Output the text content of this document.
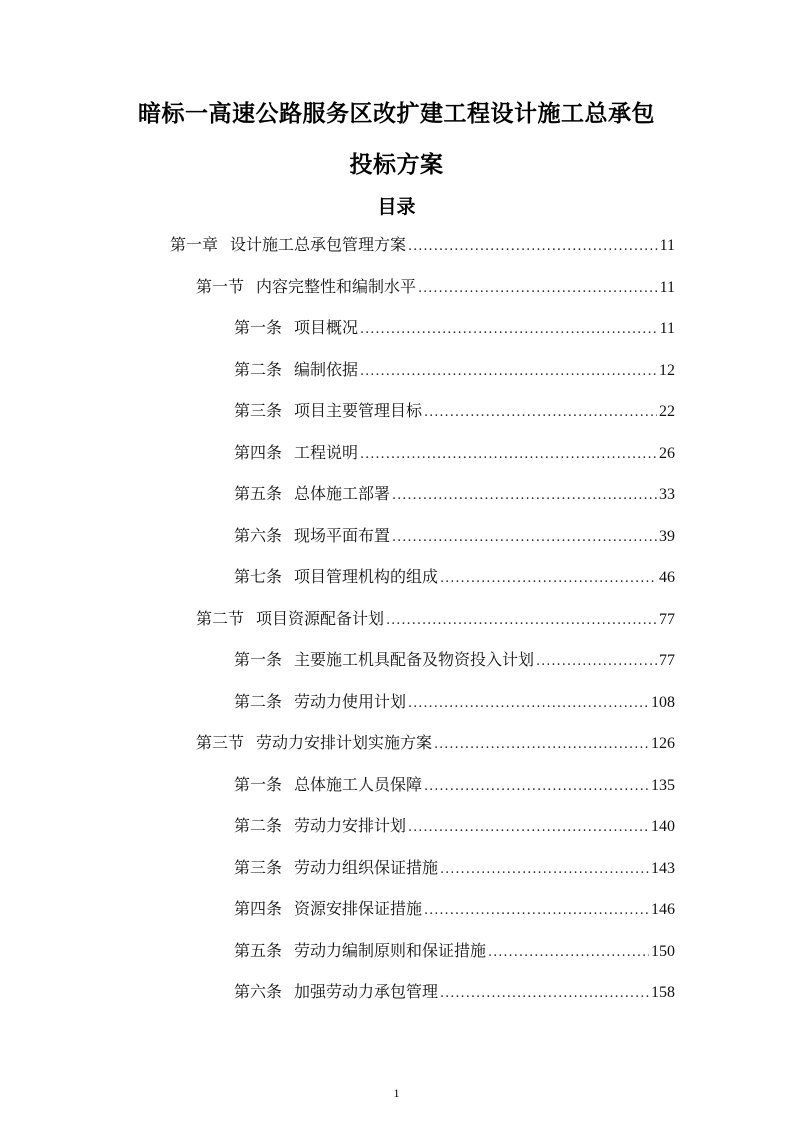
暗标一高速公路服务区改扩建工程设计施工总承包
投标方案
目录
第一章 设计施工总承包管理方案 .....	11
第一节 内容完整性和编制水平 .....	11
第一条 项目概况 .....	11
第二条 编制依据 .....	12
第三条 项目主要管理目标 .....	22
第四条 工程说明 .....	26
第五条 总体施工部署 .....	33
第六条 现场平面布置 .....	39
第七条 项目管理机构的组成 .....	46
第二节 项目资源配备计划 .....	77
第一条 主要施工机具配备及物资投入计划 .....	77
第二条 劳动力使用计划 .....	108
第三节 劳动力安排计划实施方案 .....	126
第一条 总体施工人员保障 .....	135
第二条 劳动力安排计划 .....	140
第三条 劳动力组织保证措施 .....	143
第四条 资源安排保证措施 .....	146
第五条 劳动力编制原则和保证措施 .....	150
第六条 加强劳动力承包管理 .....	158
1
